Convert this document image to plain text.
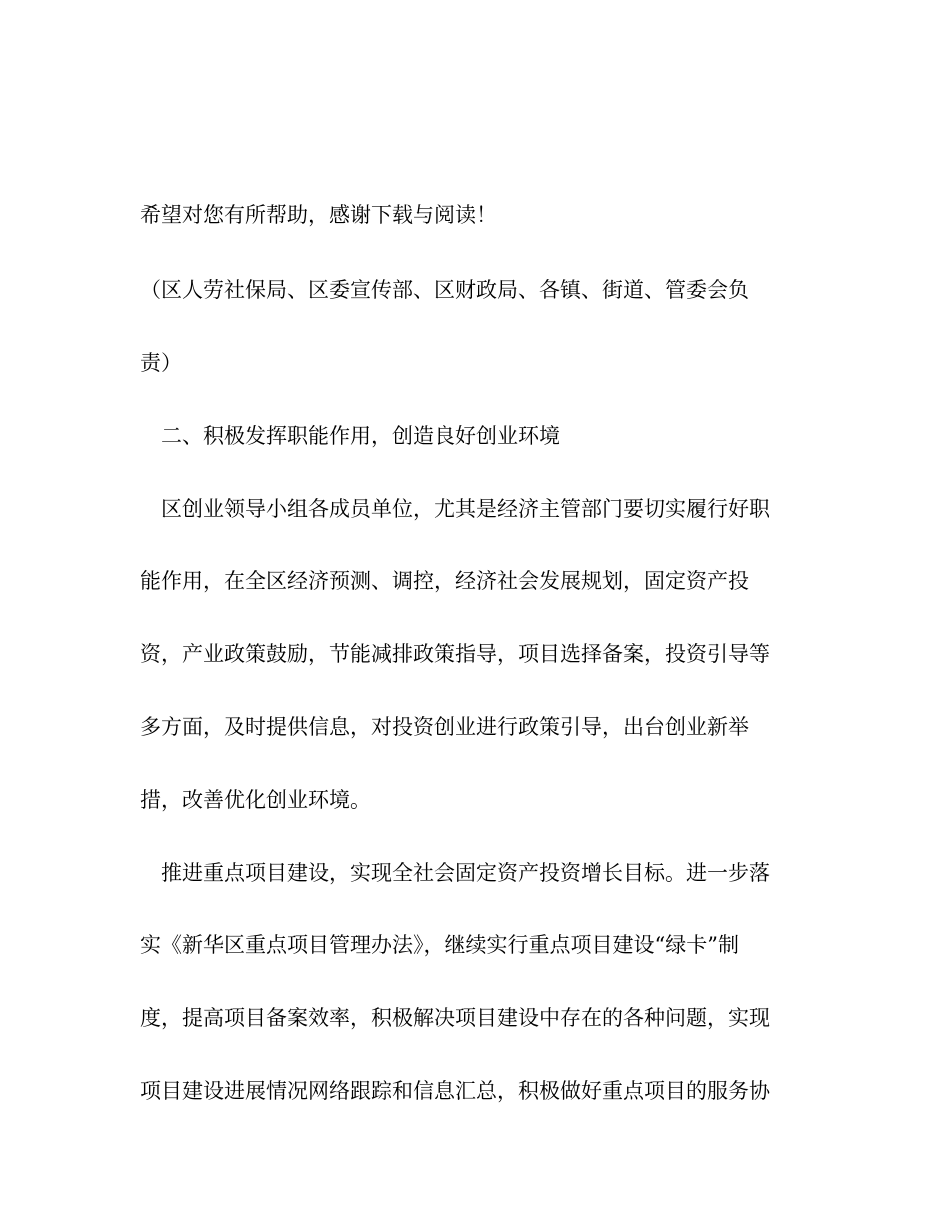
希望对您有所帮助，感谢下载与阅读！
（区人劳社保局、区委宣传部、区财政局、各镇、街道、管委会负
责）
　二、积极发挥职能作用，创造良好创业环境
　区创业领导小组各成员单位，尤其是经济主管部门要切实履行好职
能作用，在全区经济预测、调控，经济社会发展规划，固定资产投
资，产业政策鼓励，节能减排政策指导，项目选择备案，投资引导等
多方面，及时提供信息，对投资创业进行政策引导，出台创业新举
措，改善优化创业环境。
　推进重点项目建设，实现全社会固定资产投资增长目标。进一步落
实《新华区重点项目管理办法》，继续实行重点项目建设“绿卡”制
度，提高项目备案效率，积极解决项目建设中存在的各种问题，实现
项目建设进展情况网络跟踪和信息汇总，积极做好重点项目的服务协
